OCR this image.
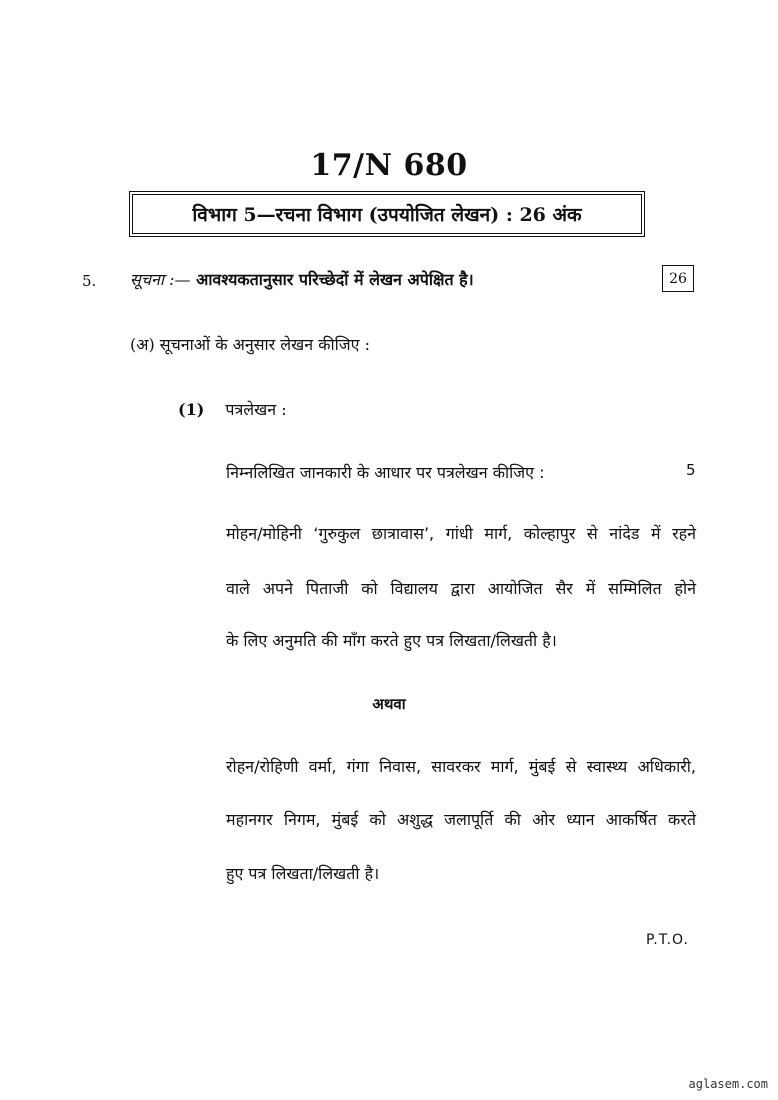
17/N 680
विभाग 5—रचना विभाग (उपयोजित लेखन) : 26 अंक
5. सूचना :— आवश्यकतानुसार परिच्छेदों में लेखन अपेक्षित है।	26
(अ) सूचनाओं के अनुसार लेखन कीजिए :
(1) पत्रलेखन :
निम्नलिखित जानकारी के आधार पर पत्रलेखन कीजिए :	5
मोहन/मोहिनी ‘गुरुकुल छात्रावास’, गांधी मार्ग, कोल्हापुर से नांदेड में रहने
वाले अपने पिताजी को विद्यालय द्वारा आयोजित सैर में सम्मिलित होने
के लिए अनुमति की माँग करते हुए पत्र लिखता/लिखती है।
अथवा
रोहन/रोहिणी वर्मा, गंगा निवास, सावरकर मार्ग, मुंबई से स्वास्थ्य अधिकारी,
महानगर निगम, मुंबई को अशुद्ध जलापूर्ति की ओर ध्यान आकर्षित करते
हुए पत्र लिखता/लिखती है।
P.T.O.
aglasem.com
